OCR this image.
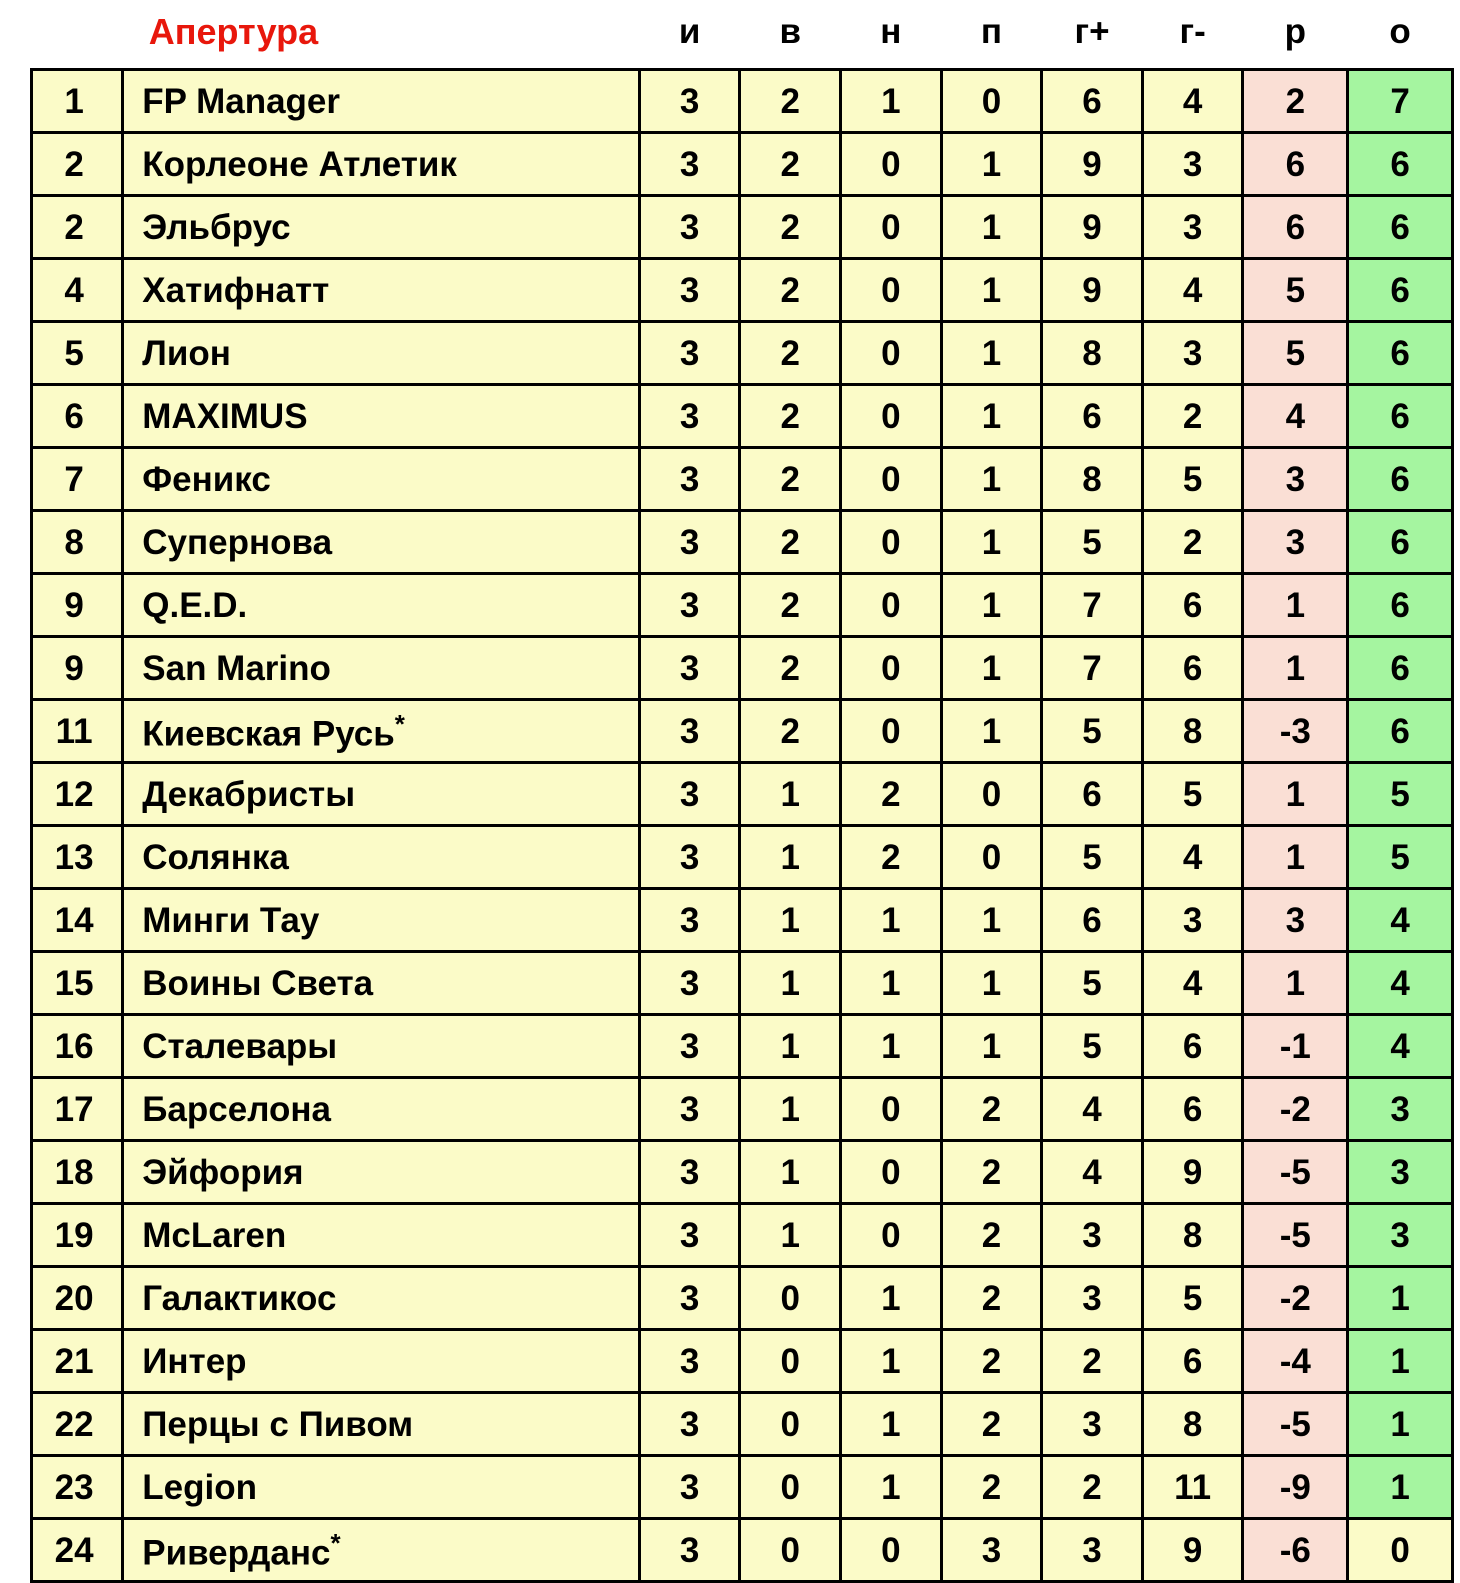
	Апертура	и	в	н	п	г+	г-	р	о
1	FP Manager	3	2	1	0	6	4	2	7
2	Корлеоне Атлетик	3	2	0	1	9	3	6	6
2	Эльбрус	3	2	0	1	9	3	6	6
4	Хатифнатт	3	2	0	1	9	4	5	6
5	Лион	3	2	0	1	8	3	5	6
6	MAXIMUS	3	2	0	1	6	2	4	6
7	Феникс	3	2	0	1	8	5	3	6
8	Супернова	3	2	0	1	5	2	3	6
9	Q.E.D.	3	2	0	1	7	6	1	6
9	San Marino	3	2	0	1	7	6	1	6
11	Киевская Русь*	3	2	0	1	5	8	-3	6
12	Декабристы	3	1	2	0	6	5	1	5
13	Солянка	3	1	2	0	5	4	1	5
14	Минги Тау	3	1	1	1	6	3	3	4
15	Воины Света	3	1	1	1	5	4	1	4
16	Сталевары	3	1	1	1	5	6	-1	4
17	Барселона	3	1	0	2	4	6	-2	3
18	Эйфория	3	1	0	2	4	9	-5	3
19	McLaren	3	1	0	2	3	8	-5	3
20	Галактикос	3	0	1	2	3	5	-2	1
21	Интер	3	0	1	2	2	6	-4	1
22	Перцы с Пивом	3	0	1	2	3	8	-5	1
23	Legion	3	0	1	2	2	11	-9	1
24	Риверданс*	3	0	0	3	3	9	-6	0
